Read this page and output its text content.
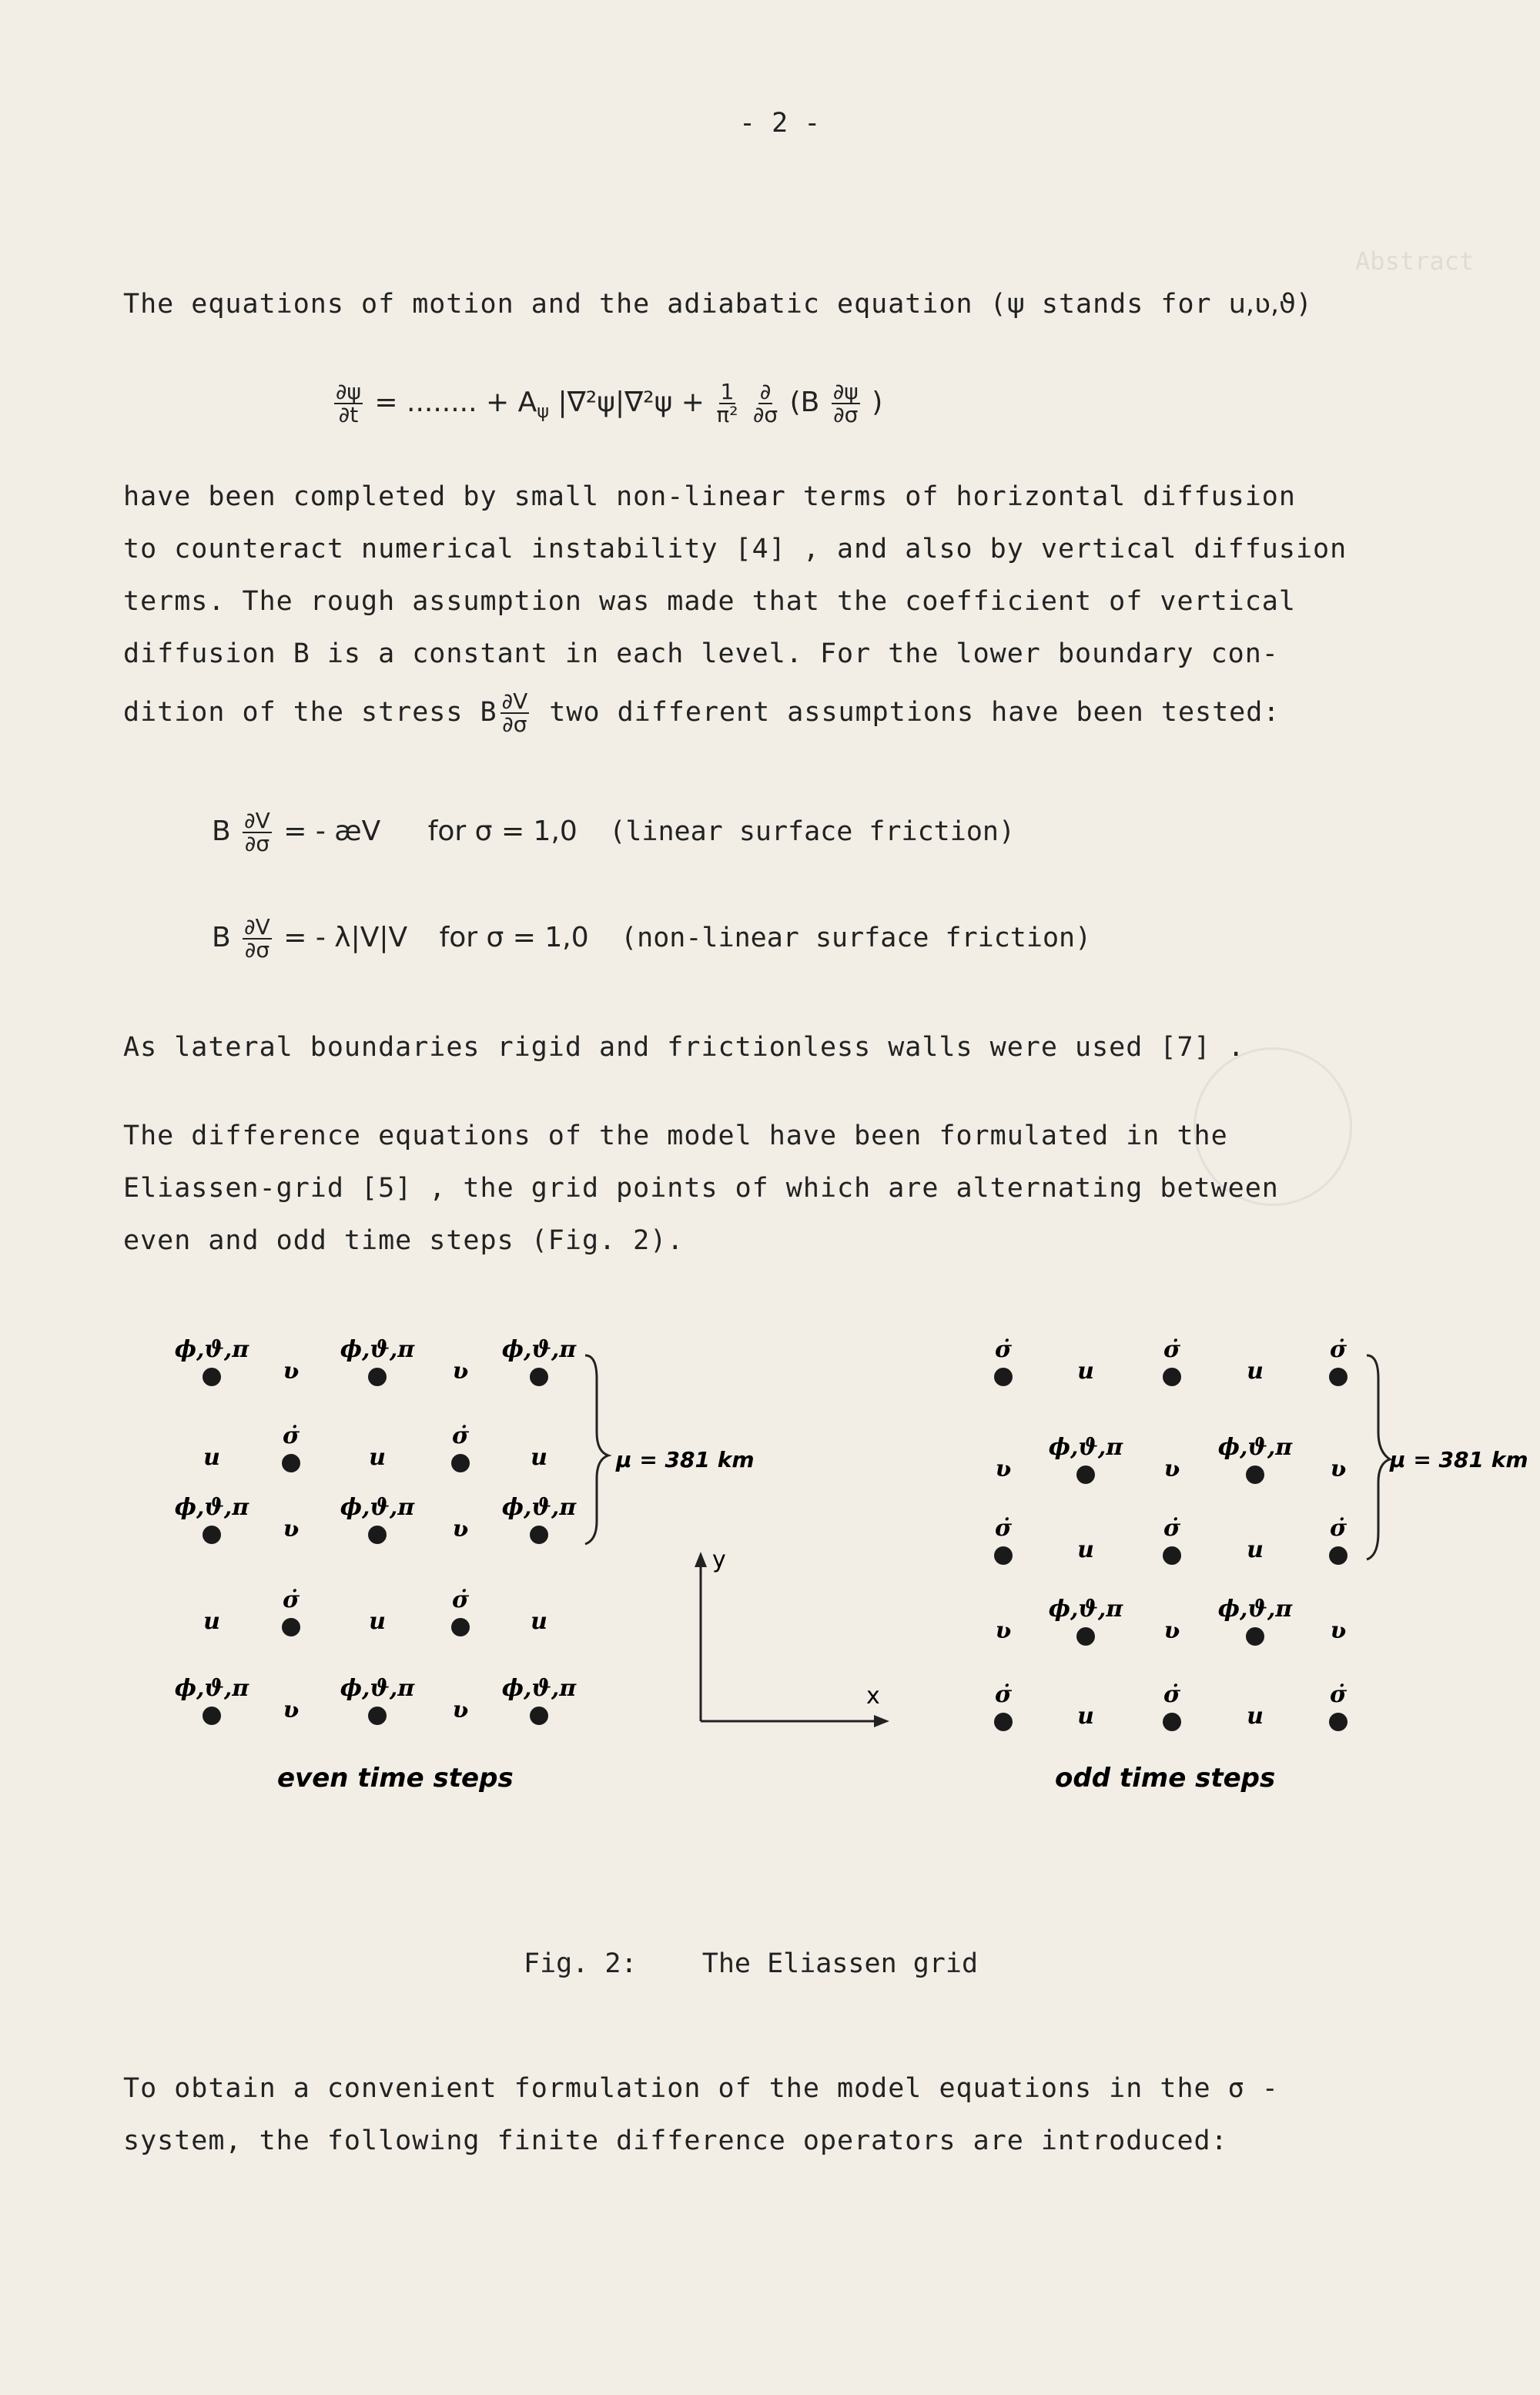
Abstract
- 2 -
The equations of motion and the adiabatic equation (ψ stands for u,ʋ,ϑ)
$\frac{\partial\psi}{\partial t}$ = ........ + $A_\psi$ $|\nabla^2\psi|\nabla^2\psi + \frac{1}{\text{π²}}$
$\frac{\partial}{\partial\sigma} (B \frac{\partial\psi}{\partial\sigma}$ )
have been completed by small non-linear terms of horizontal diffusion
to counteract numerical instability [4] , and also by vertical diffusion
terms. The rough assumption was made that the coefficient of vertical
diffusion B is a constant in each level. For the lower boundary con-
dition of the stress B $\frac{\partial V}{\partial\sigma}$ two different assumptions have been tested:
B $\frac{\partial V}{\partial\sigma}$ = - æV for σ = 1,0 (linear surface friction)
B $\frac{\partial V}{\partial\sigma}$ = - λ|V|V for σ = 1,0 (non-linear surface friction)
As lateral boundaries rigid and frictionless walls were used [7] .
The difference equations of the model have been formulated in the
Eliassen-grid [5] , the grid points of which are alternating between
even and odd time steps (Fig. 2).
ϕ,ϑ,π
ʋ
ϕ,ϑ,π
ʋ
ϕ,ϑ,π
u
σ̇
u
σ̇
u
ϕ,ϑ,π
ʋ
ϕ,ϑ,π
ʋ
ϕ,ϑ,π
u
σ̇
u
σ̇
u
ϕ,ϑ,π
ʋ
ϕ,ϑ,π
ʋ
ϕ,ϑ,π
σ̇
u
σ̇
u
σ̇
ʋ
ϕ,ϑ,π
ʋ
ϕ,ϑ,π
ʋ
σ̇
u
σ̇
u
σ̇
ʋ
ϕ,ϑ,π
ʋ
ϕ,ϑ,π
ʋ
σ̇
u
σ̇
u
σ̇
μ = 381 km	μ = 381 km
y
x
even time steps	odd time steps
Fig. 2:    The Eliassen grid
To obtain a convenient formulation of the model equations in the σ -
system, the following finite difference operators are introduced:
